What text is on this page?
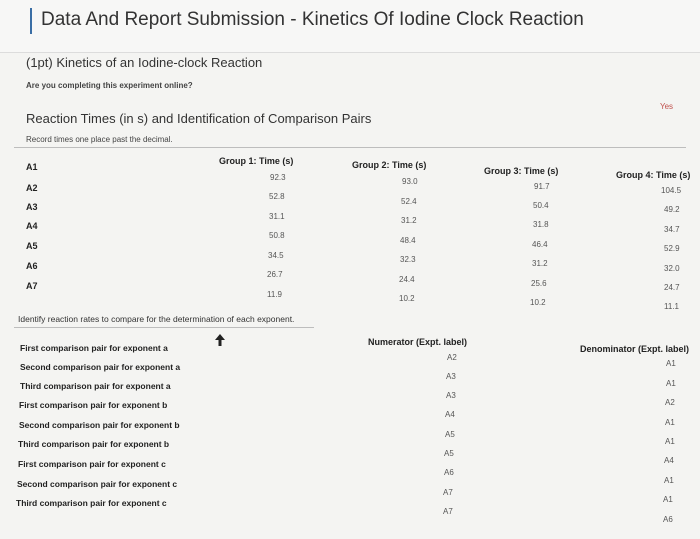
Data And Report Submission - Kinetics Of Iodine Clock Reaction
(1pt) Kinetics of an Iodine-clock Reaction
Are you completing this experiment online?
Yes
Reaction Times (in s) and Identification of Comparison Pairs
Record times one place past the decimal.
Group 1: Time (s)	Group 2: Time (s)
Group 3: Time (s)	Group 4: Time (s)
A1
A2
A3
A4
A5
A6
A7
92.3
52.8
31.1
50.8
34.5
26.7
11.9
93.0
52.4
31.2
48.4
32.3
24.4
10.2
91.7
50.4
31.8
46.4
31.2
25.6
10.2
104.5
49.2
34.7
52.9
32.0
24.7
11.1
Identify reaction rates to compare for the determination of each exponent.
Numerator (Expt. label)
Denominator (Expt. label)
First comparison pair for exponent a
Second comparison pair for exponent a
Third comparison pair for exponent a
First comparison pair for exponent b
Second comparison pair for exponent b
Third comparison pair for exponent b
First comparison pair for exponent c
Second comparison pair for exponent c
Third comparison pair for exponent c
A2
A3
A3
A4
A5
A5
A6
A7
A7
A1
A1
A2
A1
A1
A4
A1
A1
A6
